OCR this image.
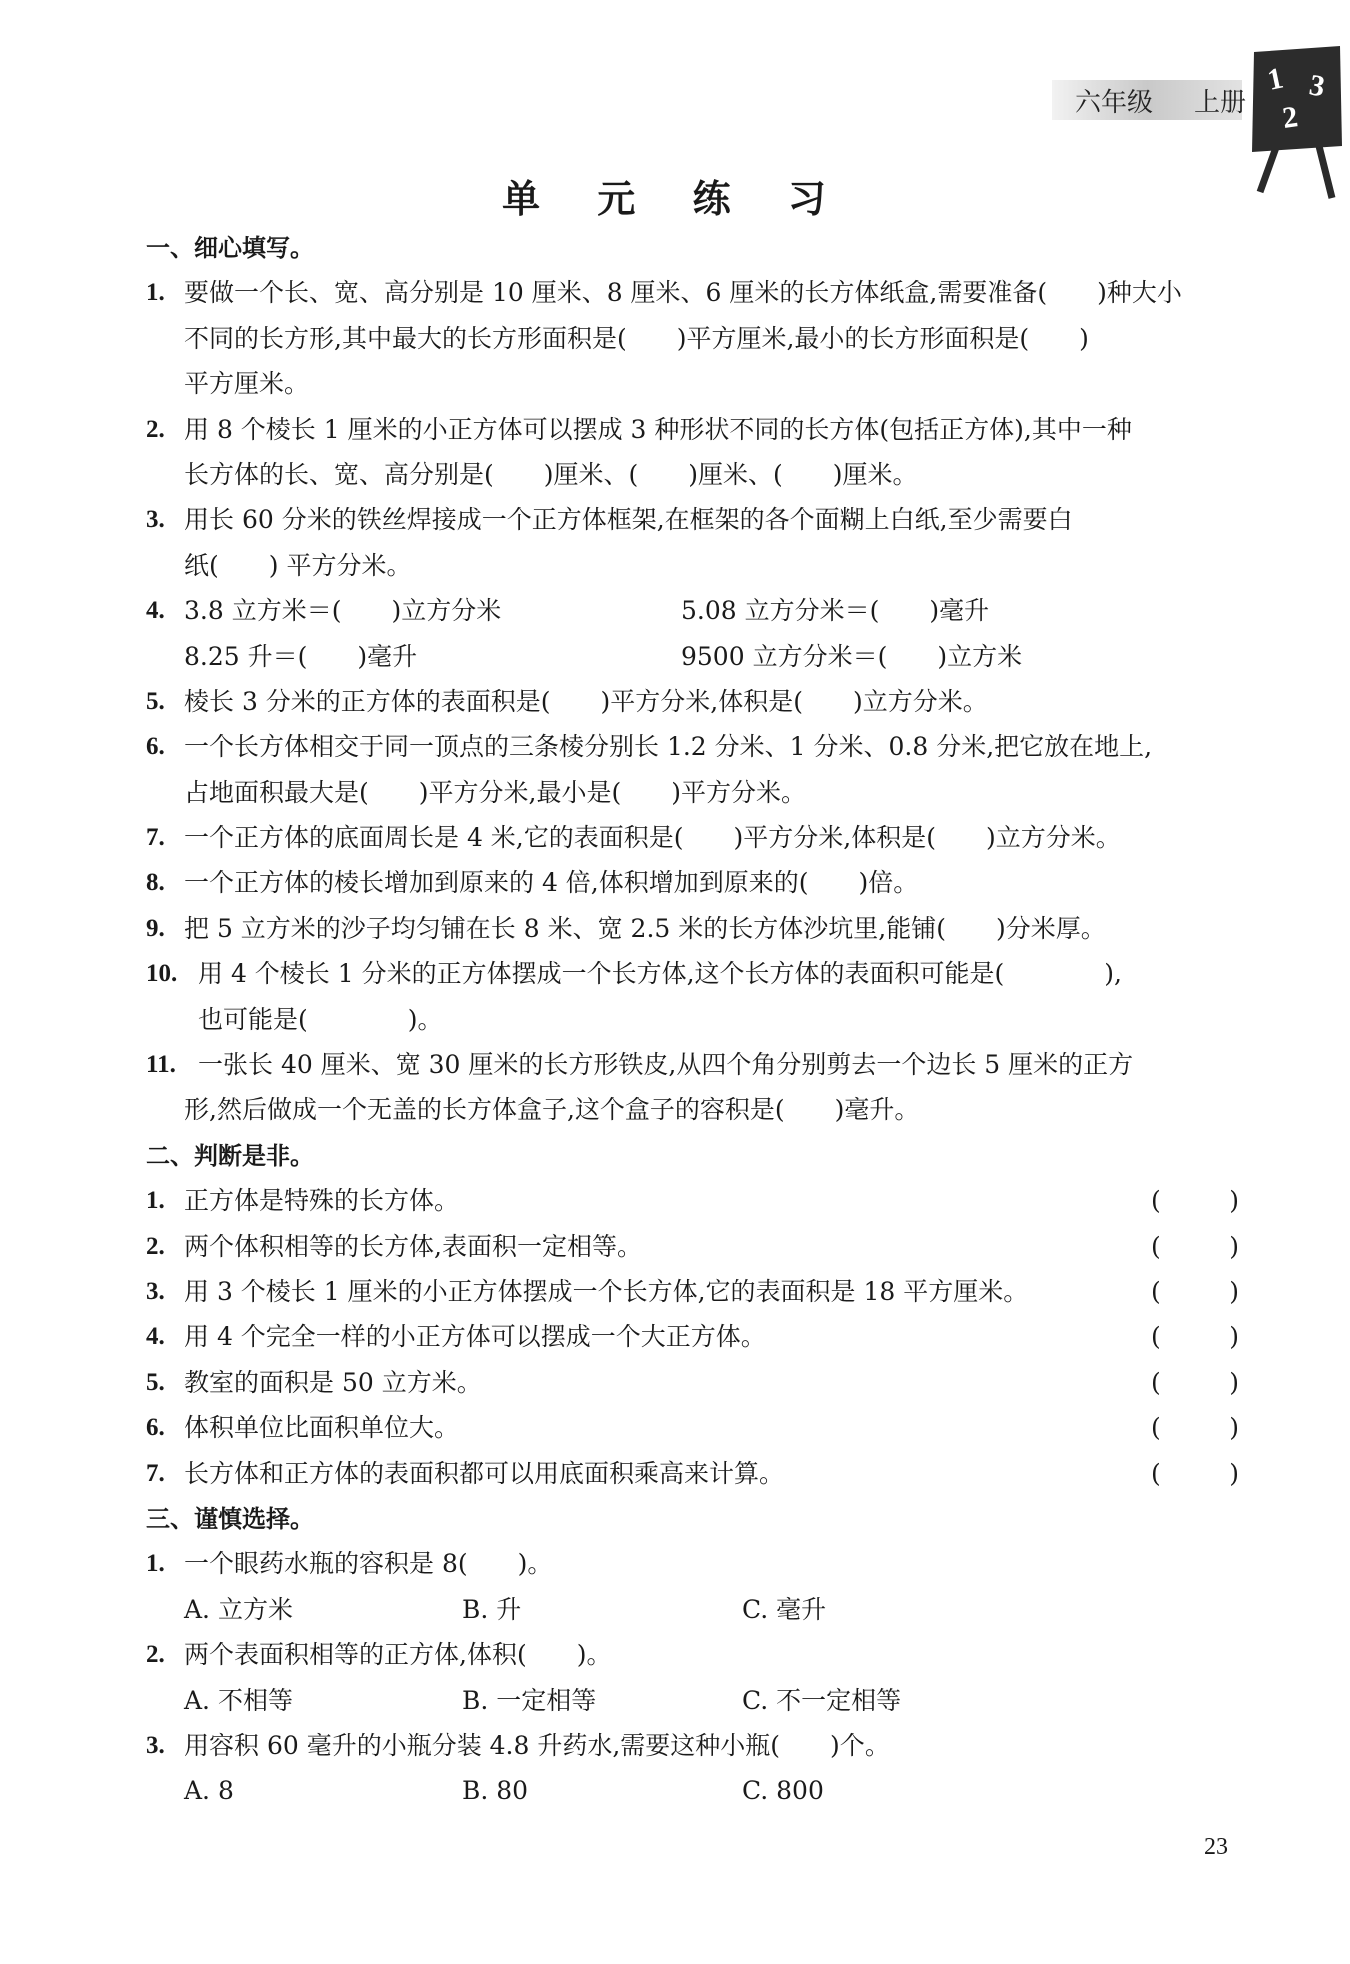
六年级 上册
1 3
2
单 元 练 习
一、细心填写。
1. 要做一个长、宽、高分别是 10 厘米、8 厘米、6 厘米的长方体纸盒,需要准备(　　)种大小
不同的长方形,其中最大的长方形面积是(　　)平方厘米,最小的长方形面积是(　　)
平方厘米。
2. 用 8 个棱长 1 厘米的小正方体可以摆成 3 种形状不同的长方体(包括正方体),其中一种
长方体的长、宽、高分别是(　　)厘米、(　　)厘米、(　　)厘米。
3. 用长 60 分米的铁丝焊接成一个正方体框架,在框架的各个面糊上白纸,至少需要白
纸(　　) 平方分米。
4. 3.8 立方米＝(　　)立方分米	5.08 立方分米＝(　　)毫升
8.25 升＝(　　)毫升	9500 立方分米＝(　　)立方米
5. 棱长 3 分米的正方体的表面积是(　　)平方分米,体积是(　　)立方分米。
6. 一个长方体相交于同一顶点的三条棱分别长 1.2 分米、1 分米、0.8 分米,把它放在地上,
占地面积最大是(　　)平方分米,最小是(　　)平方分米。
7. 一个正方体的底面周长是 4 米,它的表面积是(　　)平方分米,体积是(　　)立方分米。
8. 一个正方体的棱长增加到原来的 4 倍,体积增加到原来的(　　)倍。
9. 把 5 立方米的沙子均匀铺在长 8 米、宽 2.5 米的长方体沙坑里,能铺(　　)分米厚。
10. 用 4 个棱长 1 分米的正方体摆成一个长方体,这个长方体的表面积可能是(　　　　),
也可能是(　　　　)。
11. 一张长 40 厘米、宽 30 厘米的长方形铁皮,从四个角分别剪去一个边长 5 厘米的正方
形,然后做成一个无盖的长方体盒子,这个盒子的容积是(　　)毫升。
二、判断是非。
1. 正方体是特殊的长方体。	(	)
2. 两个体积相等的长方体,表面积一定相等。	(	)
3. 用 3 个棱长 1 厘米的小正方体摆成一个长方体,它的表面积是 18 平方厘米。	(	)
4. 用 4 个完全一样的小正方体可以摆成一个大正方体。	(	)
5. 教室的面积是 50 立方米。	(	)
6. 体积单位比面积单位大。	(	)
7. 长方体和正方体的表面积都可以用底面积乘高来计算。	(	)
三、谨慎选择。
1. 一个眼药水瓶的容积是 8(　　)。
A. 立方米	B. 升	C. 毫升
2. 两个表面积相等的正方体,体积(　　)。
A. 不相等	B. 一定相等	C. 不一定相等
3. 用容积 60 毫升的小瓶分装 4.8 升药水,需要这种小瓶(　　)个。
A. 8	B. 80	C. 800
23
